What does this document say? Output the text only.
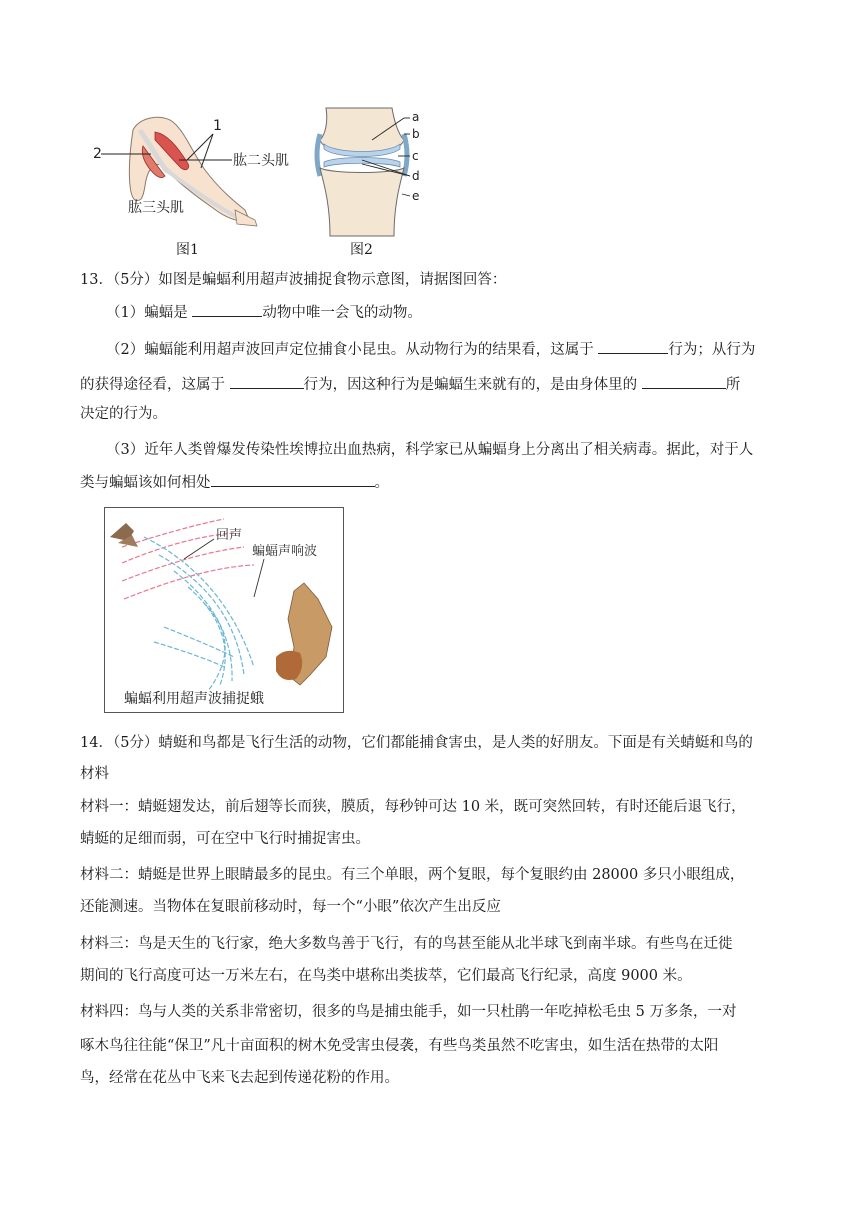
1
2	肱二头肌
肱三头肌
图1
a
b
c
d
e
图2
13．（5分）如图是蝙蝠利用超声波捕捉食物示意图，请据图回答：
（1）蝙蝠是	动物中唯一会飞的动物。
（2）蝙蝠能利用超声波回声定位捕食小昆虫。从动物行为的结果看，这属于	行为；从行为
的获得途径看，这属于	行为，因这种行为是蝙蝠生来就有的，是由身体里的	所
决定的行为。
（3）近年人类曾爆发传染性埃博拉出血热病，科学家已从蝙蝠身上分离出了相关病毒。据此，对于人
类与蝙蝠该如何相处	。
回声
蝙蝠声响波
蝙蝠利用超声波捕捉蛾
14．（5分）蜻蜓和鸟都是飞行生活的动物，它们都能捕食害虫，是人类的好朋友。下面是有关蜻蜓和鸟的
材料
材料一：蜻蜓翅发达，前后翅等长而狭，膜质，每秒钟可达 10 米，既可突然回转，有时还能后退飞行，
蜻蜓的足细而弱，可在空中飞行时捕捉害虫。
材料二：蜻蜓是世界上眼睛最多的昆虫。有三个单眼，两个复眼，每个复眼约由 28000 多只小眼组成，
还能测速。当物体在复眼前移动时，每一个“小眼”依次产生出反应
材料三：鸟是天生的飞行家，绝大多数鸟善于飞行，有的鸟甚至能从北半球飞到南半球。有些鸟在迁徙
期间的飞行高度可达一万米左右，在鸟类中堪称出类拔萃，它们最高飞行纪录，高度 9000 米。
材料四：鸟与人类的关系非常密切，很多的鸟是捕虫能手，如一只杜鹃一年吃掉松毛虫 5 万多条，一对
啄木鸟往往能“保卫”凡十亩面积的树木免受害虫侵袭，有些鸟类虽然不吃害虫，如生活在热带的太阳
鸟，经常在花丛中飞来飞去起到传递花粉的作用。
